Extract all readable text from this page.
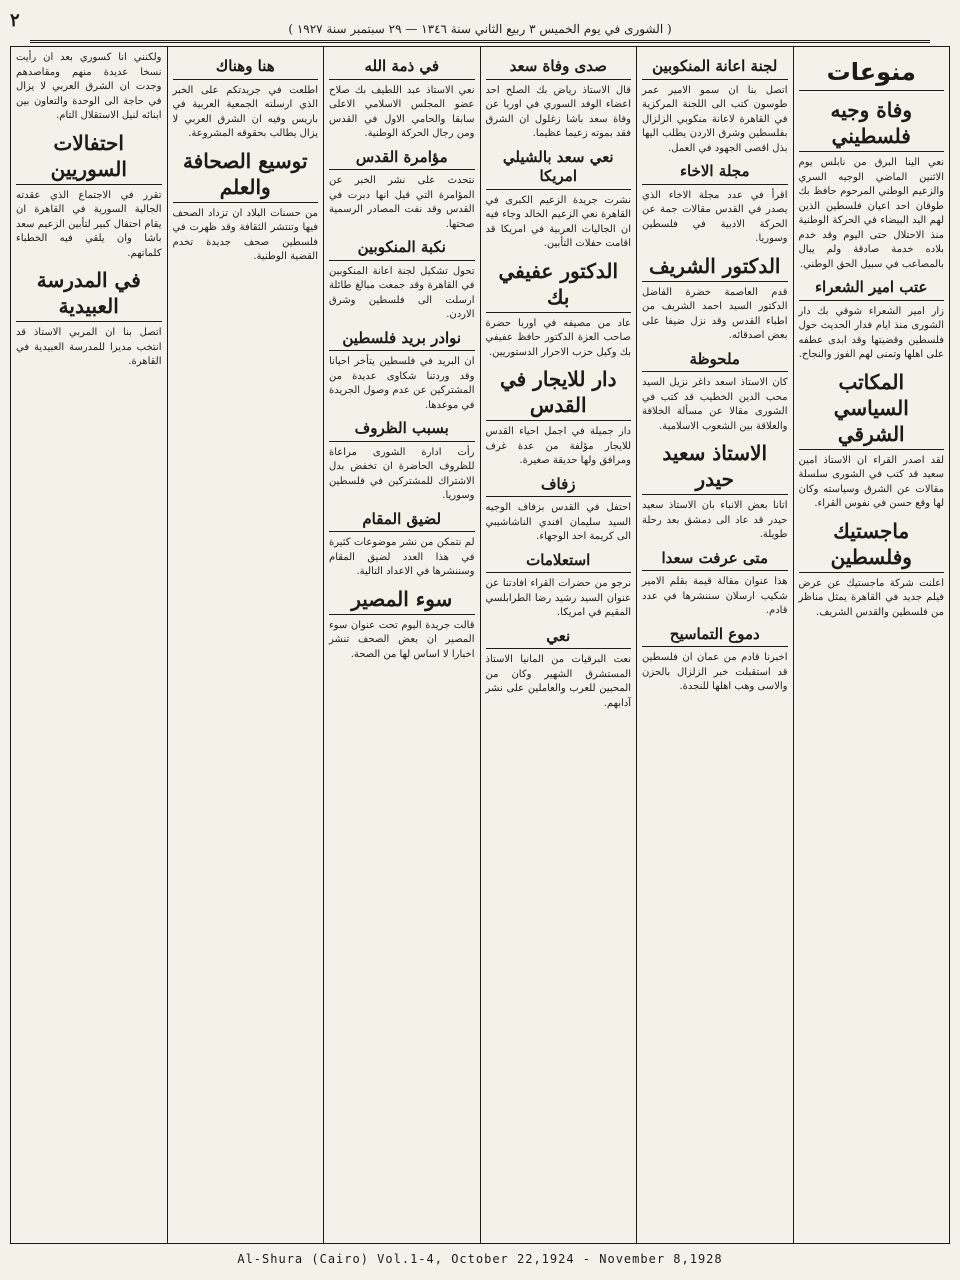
٢	( الشورى في يوم الخميس ٣ ربيع الثاني سنة ١٣٤٦ — ٢٩ سبتمبر سنة ١٩٢٧ )
منوعات
وفاة وجيه فلسطيني

نعي الينا البرق من نابلس يوم الاثنين الماضي الوجيه السري والزعيم الوطني المرحوم حافظ بك طوقان احد اعيان فلسطين الذين لهم اليد البيضاء في الحركة الوطنية منذ الاحتلال حتى اليوم وقد خدم بلاده خدمة صادقة ولم يبال بالمصاعب في سبيل الحق الوطني.

عتب امير الشعراء

زار امير الشعراء شوقي بك دار الشورى منذ ايام فدار الحديث حول فلسطين وقضيتها وقد ابدى عطفه على اهلها وتمنى لهم الفوز والنجاح.

المكاتب السياسي الشرقي

لقد اصدر القراء ان الاستاذ امين سعيد قد كتب في الشورى سلسلة مقالات عن الشرق وسياسته وكان لها وقع حسن في نفوس القراء.

ماجستيك وفلسطين

اعلنت شركة ماجستيك عن عرض فيلم جديد في القاهرة يمثل مناظر من فلسطين والقدس الشريف.

لجنة اعانة المنكوبين

اتصل بنا ان سمو الامير عمر طوسون كتب الى اللجنة المركزية في القاهرة لاعانة منكوبي الزلزال بفلسطين وشرق الاردن يطلب اليها بذل اقصى الجهود في العمل.

مجلة الاخاء

اقرأ في عدد مجلة الاخاء الذي يصدر في القدس مقالات جمة عن الحركة الادبية في فلسطين وسوريا.

الدكتور الشريف

قدم العاصمة حضرة الفاضل الدكتور السيد احمد الشريف من اطباء القدس وقد نزل ضيفا على بعض اصدقائه.

ملحوظة

كان الاستاذ اسعد داغر نزيل السيد محب الدين الخطيب قد كتب في الشورى مقالا عن مسألة الخلافة والعلاقة بين الشعوب الاسلامية.

الاستاذ سعيد حيدر

اتانا بعض الانباء بان الاستاذ سعيد حيدر قد عاد الى دمشق بعد رحلة طويلة.

متى عرفت سعدا

هذا عنوان مقالة قيمة بقلم الامير شكيب ارسلان سننشرها في عدد قادم.

دموع التماسيح

اخبرنا قادم من عمان ان فلسطين قد استقبلت خبر الزلزال بالحزن والاسى وهب اهلها للنجدة.

صدى وفاة سعد

قال الاستاذ رياض بك الصلح احد اعضاء الوفد السوري في اوربا عن وفاة سعد باشا زغلول ان الشرق فقد بموته زعيما عظيما.

نعي سعد بالشيلي امريكا

نشرت جريدة الزعيم الكبرى في القاهرة نعي الزعيم الخالد وجاء فيه ان الجاليات العربية في امريكا قد اقامت حفلات التأبين.

الدكتور عفيفي بك

عاد من مصيفه في اوربا حضرة صاحب العزة الدكتور حافظ عفيفي بك وكيل حزب الاحرار الدستوريين.

دار للايجار في القدس

دار جميلة في اجمل احياء القدس للايجار مؤلفة من عدة غرف ومرافق ولها حديقة صغيرة.

زفاف

احتفل في القدس بزفاف الوجيه السيد سليمان افندي الناشاشيبي الى كريمة احد الوجهاء.

استعلامات

نرجو من حضرات القراء افادتنا عن عنوان السيد رشيد رضا الطرابلسي المقيم في امريكا.

نعي

نعت البرقيات من المانيا الاستاذ المستشرق الشهير وكان من المحبين للعرب والعاملين على نشر آدابهم.

في ذمة الله

نعي الاستاذ عبد اللطيف بك صلاح عضو المجلس الاسلامي الاعلى سابقا والحامي الاول في القدس ومن رجال الحركة الوطنية.

مؤامرة القدس

نتحدث على نشر الخبر عن المؤامرة التي قيل انها دبرت في القدس وقد نفت المصادر الرسمية صحتها.

نكبة المنكوبين

تحول تشكيل لجنة اعانة المنكوبين في القاهرة وقد جمعت مبالغ طائلة ارسلت الى فلسطين وشرق الاردن.

نوادر بريد فلسطين

ان البريد في فلسطين يتأخر احيانا وقد وردتنا شكاوى عديدة من المشتركين عن عدم وصول الجريدة في موعدها.

بسبب الظروف

رأت ادارة الشورى مراعاة للظروف الحاضرة ان تخفض بدل الاشتراك للمشتركين في فلسطين وسوريا.

لضيق المقام

لم نتمكن من نشر موضوعات كثيرة في هذا العدد لضيق المقام وسننشرها في الاعداد التالية.

سوء المصير

قالت جريدة اليوم تحت عنوان سوء المصير ان بعض الصحف تنشر اخبارا لا اساس لها من الصحة.

هنا وهناك

اطلعت في جريدتكم على الخبر الذي ارسلته الجمعية العربية في باريس وفيه ان الشرق العربي لا يزال يطالب بحقوقه المشروعة.

توسيع الصحافة والعلم

من حسنات البلاد ان تزداد الصحف فيها وتنتشر الثقافة وقد ظهرت في فلسطين صحف جديدة تخدم القضية الوطنية.

ولكنني انا كسوري بعد ان رأيت نسخا عديدة منهم ومقاصدهم وجدت ان الشرق العربي لا يزال في حاجة الى الوحدة والتعاون بين ابنائه لنيل الاستقلال التام.

احتفالات السوريين

تقرر في الاجتماع الذي عقدته الجالية السورية في القاهرة ان يقام احتفال كبير لتأبين الزعيم سعد باشا وان يلقي فيه الخطباء كلماتهم.

في المدرسة العبيدية

اتصل بنا ان المربي الاستاذ قد انتخب مديرا للمدرسة العبيدية في القاهرة.

Al-Shura (Cairo) Vol.1-4, October 22,1924 - November 8,1928
